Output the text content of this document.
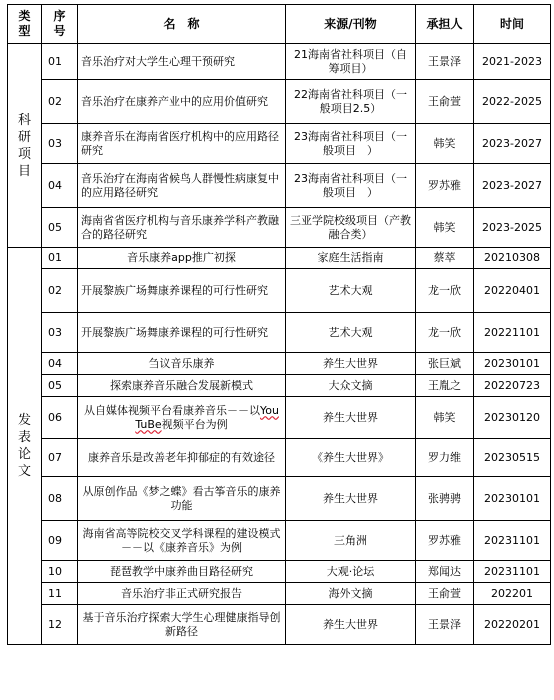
类型	序号	名　称	来源/刊物	承担人	时间
科研项目	01	音乐治疗对大学生心理干预研究	21海南省社科项目（自筹项目）	王景泽	2021-2023
	02	音乐治疗在康养产业中的应用价值研究	22海南省社科项目（一般项目2.5）	王俞萱	2022-2025
	03	康养音乐在海南省医疗机构中的应用路径研究	23海南省社科项目（一般项目　）	韩笑	2023-2027
	04	音乐治疗在海南省候鸟人群慢性病康复中的应用路径研究	23海南省社科项目（一般项目　）	罗苏雅	2023-2027
	05	海南省省医疗机构与音乐康养学科产教融合的路径研究	三亚学院校级项目（产教融合类）	韩笑	2023-2025
发表论文	01	音乐康养app推广初探	家庭生活指南	蔡萃	20210308
	02	开展黎族广场舞康养课程的可行性研究	艺术大观	龙一欣	20220401
	03	开展黎族广场舞康养课程的可行性研究	艺术大观	龙一欣	20221101
	04	刍议音乐康养	养生大世界	张巨斌	20230101
	05	探索康养音乐融合发展新模式	大众文摘	王胤之	20220723
	06	从自媒体视频平台看康养音乐－－以YouTuBe视频平台为例	养生大世界	韩笑	20230120
	07	康养音乐是改善老年抑郁症的有效途径	《养生大世界》	罗力维	20230515
	08	从原创作品《梦之蝶》看古筝音乐的康养功能	养生大世界	张骋骋	20230101
	09	海南省高等院校交叉学科课程的建设模式－－以《康养音乐》为例	三角洲	罗苏雅	20231101
	10	琵琶教学中康养曲目路径研究	大观·论坛	郑闻达	20231101
	11	音乐治疗非正式研究报告	海外文摘	王俞萱	202201
	12	基于音乐治疗探索大学生心理健康指导创新路径	养生大世界	王景泽	20220201
